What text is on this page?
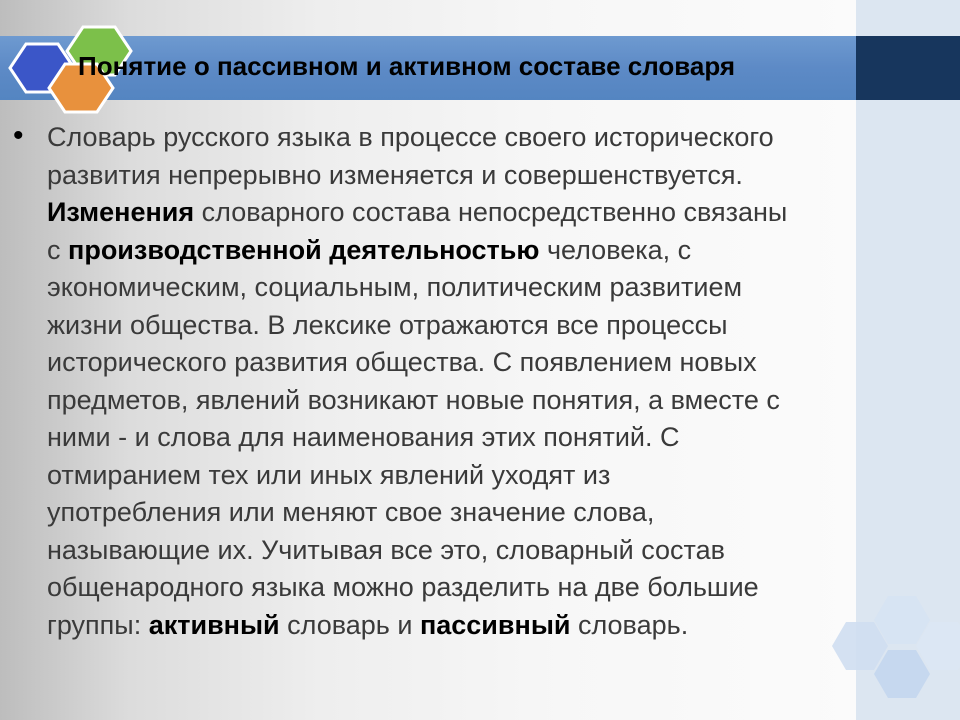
Понятие о пассивном и активном составе словаря
• Словарь русского языка в процессе своего исторического
развития непрерывно изменяется и совершенствуется.
Изменения словарного состава непосредственно связаны
с производственной деятельностью человека, с
экономическим, социальным, политическим развитием
жизни общества. В лексике отражаются все процессы
исторического развития общества. С появлением новых
предметов, явлений возникают новые понятия, а вместе с
ними - и слова для наименования этих понятий. С
отмиранием тех или иных явлений уходят из
употребления или меняют свое значение слова,
называющие их. Учитывая все это, словарный состав
общенародного языка можно разделить на две большие
группы: активный словарь и пассивный словарь.
